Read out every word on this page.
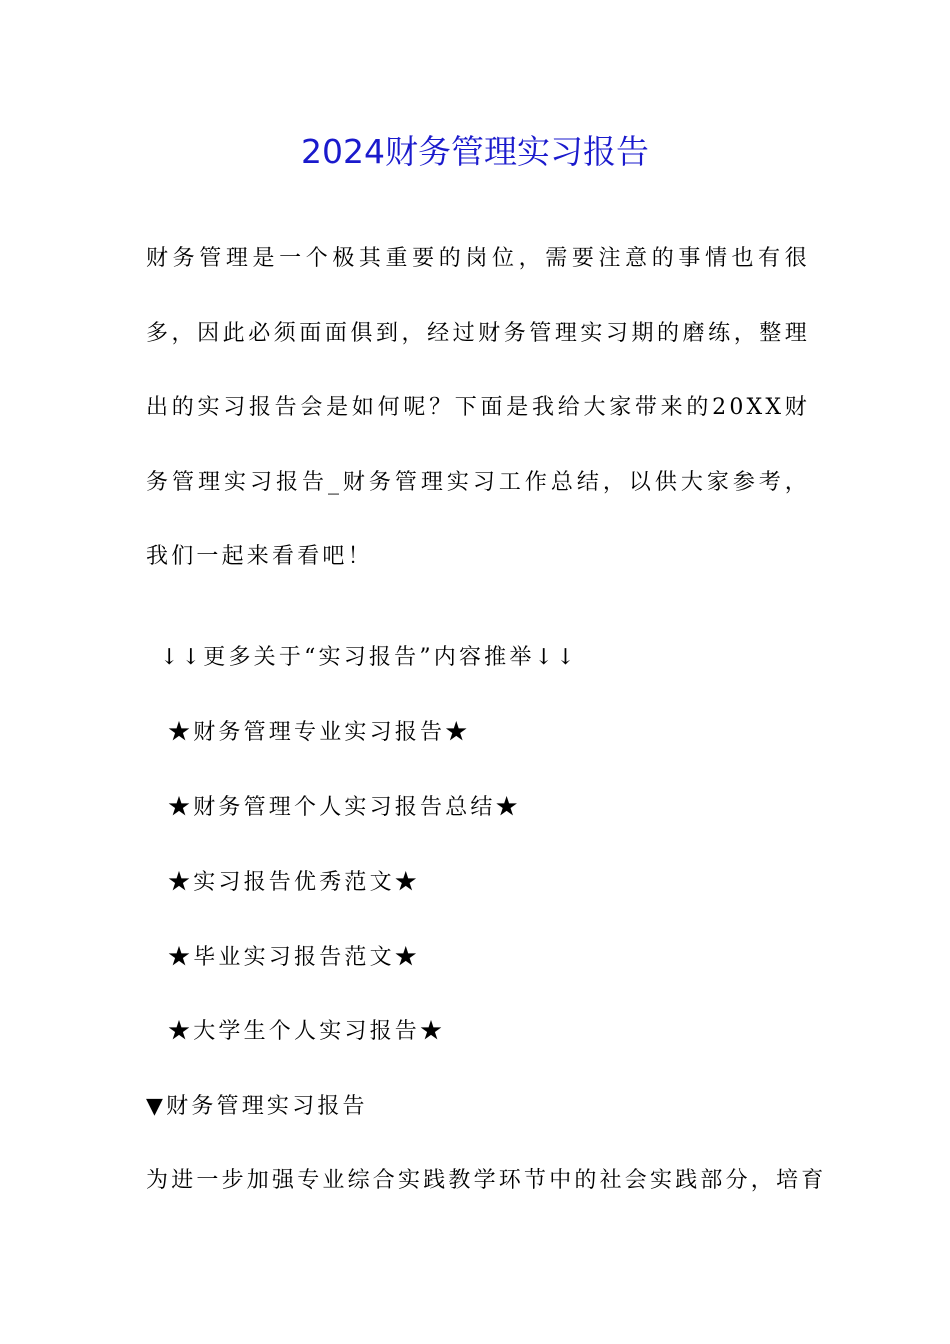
2024财务管理实习报告
财务管理是一个极其重要的岗位，需要注意的事情也有很多，因此必须面面俱到，经过财务管理实习期的磨练，整理出的实习报告会是如何呢？下面是我给大家带来的20XX财务管理实习报告_财务管理实习工作总结，以供大家参考，我们一起来看看吧！
↓↓更多关于“实习报告”内容推举↓↓
★财务管理专业实习报告★
★财务管理个人实习报告总结★
★实习报告优秀范文★
★毕业实习报告范文★
★大学生个人实习报告★
▼财务管理实习报告
为进一步加强专业综合实践教学环节中的社会实践部分，培育
